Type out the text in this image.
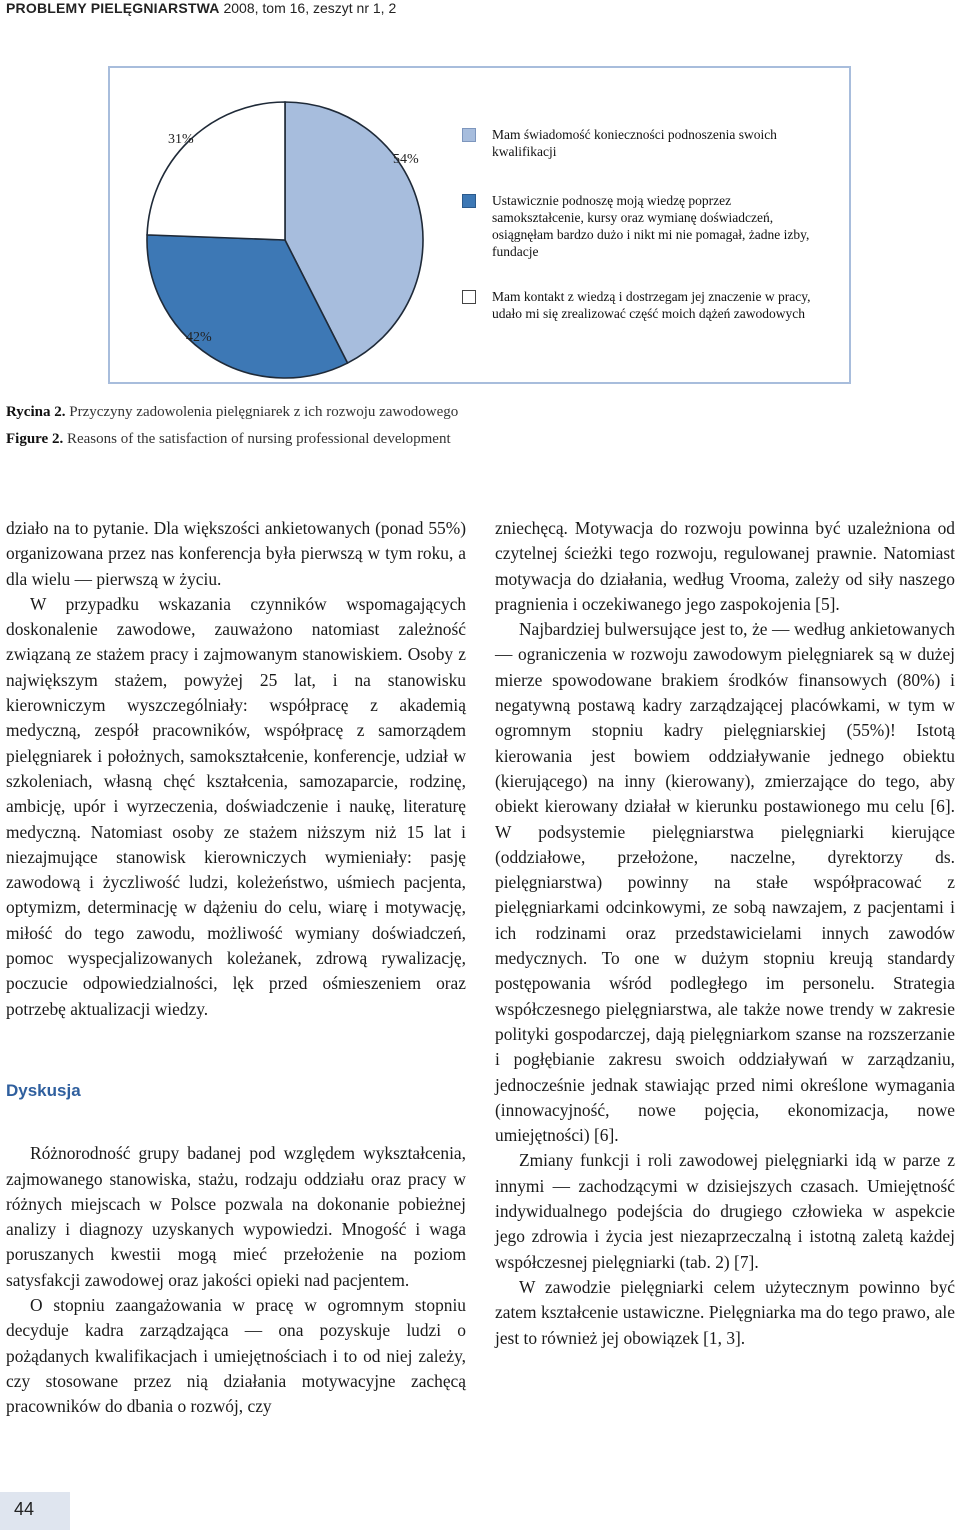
PROBLEMY PIELĘGNIARSTWA 2008, tom 16, zeszyt nr 1, 2
31%
54%
42%
Mam świadomość konieczności podnoszenia swoich kwalifikacji
Ustawicznie podnoszę moją wiedzę poprzez samokształcenie, kursy oraz wymianę doświadczeń, osiągnęłam bardzo dużo i nikt mi nie pomagał, żadne izby, fundacje
Mam kontakt z wiedzą i dostrzegam jej znaczenie w pracy, udało mi się zrealizować część moich dążeń zawodowych
Rycina 2. Przyczyny zadowolenia pielęgniarek z ich rozwoju zawodowego
Figure 2. Reasons of the satisfaction of nursing professional development

działo na to pytanie. Dla większości ankietowanych (ponad 55%) organizowana przez nas konferencja była pierwszą w tym roku, a dla wielu — pierwszą w życiu.

W przypadku wskazania czynników wspomagających doskonalenie zawodowe, zauważono natomiast zależność związaną ze stażem pracy i zajmowanym stanowiskiem. Osoby z największym stażem, powyżej 25 lat, i na stanowisku kierowniczym wyszczególniały: współpracę z akademią medyczną, zespół pracowników, współpracę z samorządem pielęgniarek i położnych, samokształcenie, konferencje, udział w szkoleniach, własną chęć kształcenia, samozaparcie, rodzinę, ambicję, upór i wyrzeczenia, doświadczenie i naukę, literaturę medyczną. Natomiast osoby ze stażem niższym niż 15 lat i niezajmujące stanowisk kierowniczych wymieniały: pasję zawodową i życzliwość ludzi, koleżeństwo, uśmiech pacjenta, optymizm, determinację w dążeniu do celu, wiarę i motywację, miłość do tego zawodu, możliwość wymiany doświadczeń, pomoc wyspecjalizowanych koleżanek, zdrową rywalizację, poczucie odpowiedzialności, lęk przed ośmieszeniem oraz potrzebę aktualizacji wiedzy.

Dyskusja

Różnorodność grupy badanej pod względem wykształcenia, zajmowanego stanowiska, stażu, rodzaju oddziału oraz pracy w różnych miejscach w Polsce pozwala na dokonanie pobieżnej analizy i diagnozy uzyskanych wypowiedzi. Mnogość i waga poruszanych kwestii mogą mieć przełożenie na poziom satysfakcji zawodowej oraz jakości opieki nad pacjentem.

O stopniu zaangażowania w pracę w ogromnym stopniu decyduje kadra zarządzająca — ona pozyskuje ludzi o pożądanych kwalifikacjach i umiejętnościach i to od niej zależy, czy stosowane przez nią działania motywacyjne zachęcą pracowników do dbania o rozwój, czy

zniechęcą. Motywacja do rozwoju powinna być uzależniona od czytelnej ścieżki tego rozwoju, regulowanej prawnie. Natomiast motywacja do działania, według Vrooma, zależy od siły naszego pragnienia i oczekiwanego jego zaspokojenia [5].

Najbardziej bulwersujące jest to, że — według ankietowanych — ograniczenia w rozwoju zawodowym pielęgniarek są w dużej mierze spowodowane brakiem środków finansowych (80%) i negatywną postawą kadry zarządzającej placówkami, w tym w ogromnym stopniu kadry pielęgniarskiej (55%)! Istotą kierowania jest bowiem oddziaływanie jednego obiektu (kierującego) na inny (kierowany), zmierzające do tego, aby obiekt kierowany działał w kierunku postawionego mu celu [6]. W podsystemie pielęgniarstwa pielęgniarki kierujące (oddziałowe, przełożone, naczelne, dyrektorzy ds. pielęgniarstwa) powinny na stałe współpracować z pielęgniarkami odcinkowymi, ze sobą nawzajem, z pacjentami i ich rodzinami oraz przedstawicielami innych zawodów medycznych. To one w dużym stopniu kreują standardy postępowania wśród podległego im personelu. Strategia współczesnego pielęgniarstwa, ale także nowe trendy w zakresie polityki gospodarczej, dają pielęgniarkom szanse na rozszerzanie i pogłębianie zakresu swoich oddziaływań w zarządzaniu, jednocześnie jednak stawiając przed nimi określone wymagania (innowacyjność, nowe pojęcia, ekonomizacja, nowe umiejętności) [6].

Zmiany funkcji i roli zawodowej pielęgniarki idą w parze z innymi — zachodzącymi w dzisiejszych czasach. Umiejętność indywidualnego podejścia do drugiego człowieka w aspekcie jego zdrowia i życia jest niezaprzeczalną i istotną zaletą każdej współczesnej pielęgniarki (tab. 2) [7].

W zawodzie pielęgniarki celem użytecznym powinno być zatem kształcenie ustawiczne. Pielęgniarka ma do tego prawo, ale jest to również jej obowiązek [1, 3].

44
